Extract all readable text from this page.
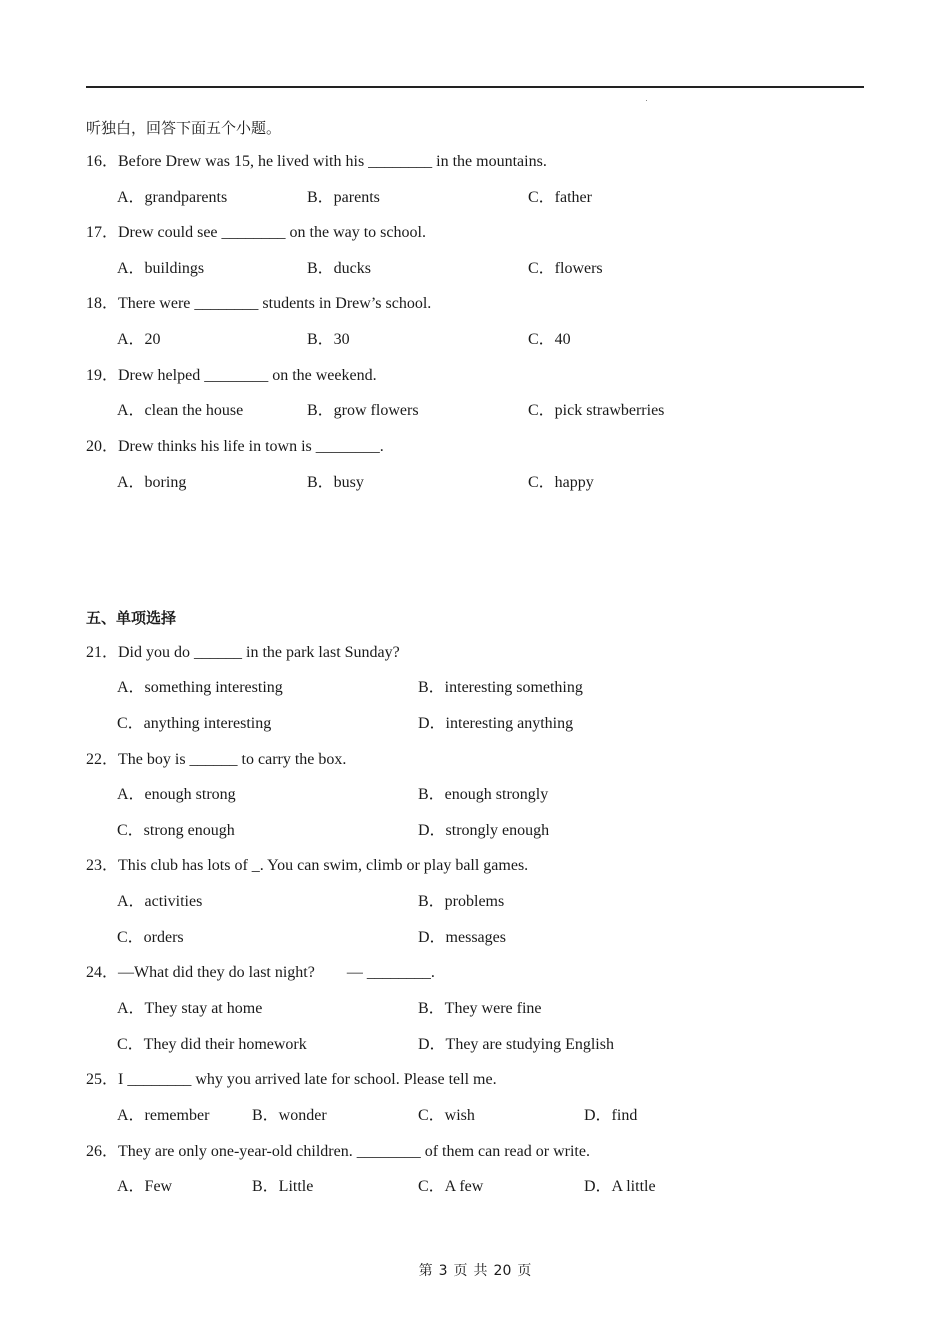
听独白，回答下面五个小题。
16．Before Drew was 15, he lived with his ________ in the mountains.
A．grandparents	B．parents	C．father
17．Drew could see ________ on the way to school.
A．buildings	B．ducks	C．flowers
18．There were ________ students in Drew’s school.
A．20	B．30	C．40
19．Drew helped ________ on the weekend.
A．clean the house	B．grow flowers	C．pick strawberries
20．Drew thinks his life in town is ________.
A．boring	B．busy	C．happy
五、单项选择
21．Did you do ______ in the park last Sunday?
A．something interesting	B．interesting something
C．anything interesting	D．interesting anything
22．The boy is ______ to carry the box.
A．enough strong	B．enough strongly
C．strong enough	D．strongly enough
23．This club has lots of _. You can swim, climb or play ball games.
A．activities	B．problems
C．orders	D．messages
24．—What did they do last night?　　— ________.
A．They stay at home	B．They were fine
C．They did their homework	D．They are studying English
25．I ________ why you arrived late for school. Please tell me.
A．remember	B．wonder	C．wish	D．find
26．They are only one-year-old children. ________ of them can read or write.
A．Few	B．Little	C．A few	D．A little
第 3 页 共 20 页
